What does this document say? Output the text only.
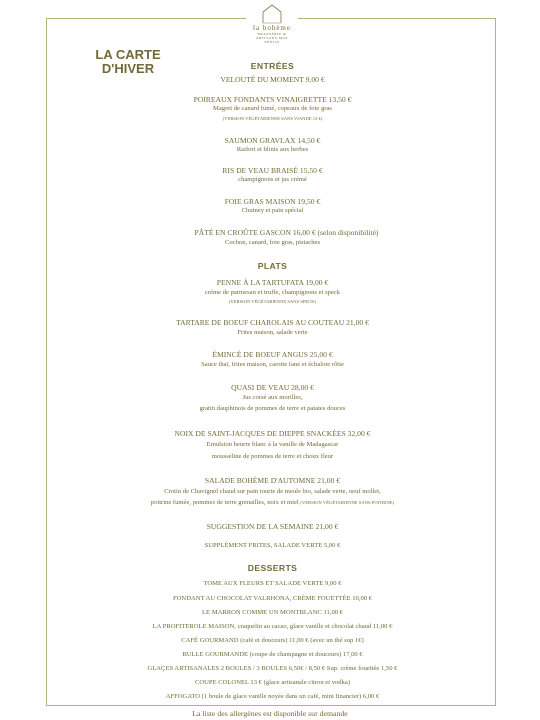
la bohème
BRASSERIE & ARTISANS MSY
SENLIS
LA CARTE
D'HIVER	ENTRÉES
VELOUTÉ DU MOMENT 9,00 €
POIREAUX FONDANTS VINAIGRETTE 13,50 €
Magret de canard fumé, copeaux de foie gras
(VERSION VÉGÉTARIENNE SANS VIANDE 12 €)
SAUMON GRAVLAX 14,50 €
Raifort et blinis aux herbes
RIS DE VEAU BRAISÉ 15,50 €
champignons et jus crémé
FOIE GRAS MAISON 19,50 €
Chutney et pain spécial
PÂTÉ EN CROÛTE GASCON 16,00 € (selon disponibilité)
Cochon, canard, foie gras, pistaches
PLATS
PENNE À LA TARTUFATA 19,00 €
crème de parmesan et truffe, champignons et speck
(VERSION VÉGÉTARIENNE SANS SPECK)
TARTARE DE BOEUF CHAROLAIS AU COUTEAU 21,00 €
Frites maison, salade verte
ÉMINCÉ DE BOEUF ANGUS 25,00 €
Sauce thaï, frites maison, carotte fane et échalote rôtie
QUASI DE VEAU 28,00 €
Jus corsé aux morilles,
gratin dauphinois de pommes de terre et patates douces
NOIX DE SAINT-JACQUES DE DIEPPE SNACKÉES 32,00 €
Emulsion beurre blanc à la vanille de Madagascar
mousseline de pommes de terre et choux fleur
SALADE BOHÈME D'AUTOMNE 21,00 €
Crotin de Chavignol chaud sur pain tourte de meule bio, salade verte, oeuf mollet,
poitrine fumée, pommes de terre grenailles, noix et miel (VERSION VÉGÉTARIENNE SANS POITRINE)
SUGGESTION DE LA SEMAINE 21,00 €
SUPPLÉMENT FRITES, SALADE VERTE 5,00 €
DESSERTS
TOME AUX FLEURS ET SALADE VERTE 9,00 €
FONDANT AU CHOCOLAT VALRHONA, CRÈME FOUETTÉE 10,00 €
LE MARRON COMME UN MONTBLANC 11,00 €
LA PROFITEROLE MAISON, craquelin au cacao, glace vanille et chocolat chaud 11,00 €
CAFÉ GOURMAND (café et douceurs) 11,00 € (avec un thé sup 1€)
BULLE GOURMANDE (coupe de champagne et douceurs) 17,00 €
GLAÇES ARTISANALES 2 BOULES / 3 BOULES 6,50€ / 8,50 € Sup. crème fouettée 1,50 €
COUPE COLONEL 13 € (glace artisanale citron et vodka)
AFFOGATO (1 boule de glace vanille noyée dans un café, mini financier) 6,00 €
La liste des allergènes est disponible sur demande
